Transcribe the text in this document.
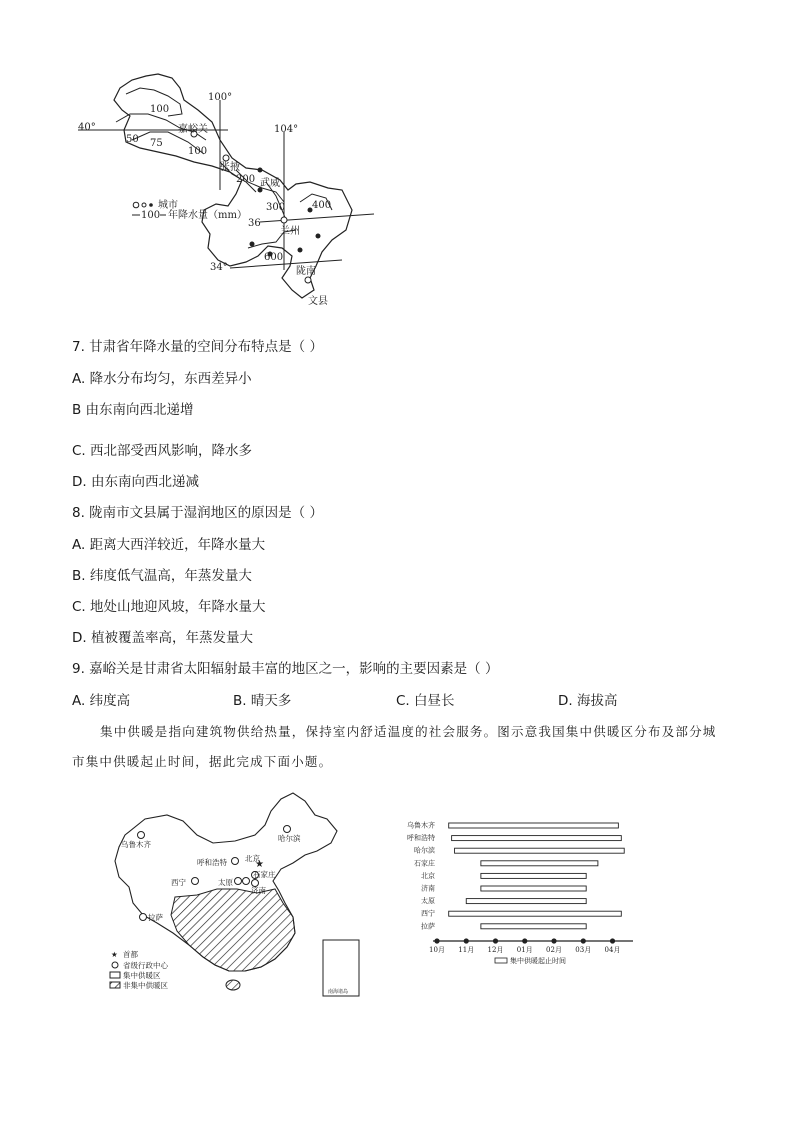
100°
104°
40°
36
34°
100
50 75
100
200
300	400
600
嘉峪关
张掖
武威
兰州
陇南
文县
城市
100 年降水量（mm）
7. 甘肃省年降水量的空间分布特点是（ ）
A. 降水分布均匀，东西差异小
B 由东南向西北递增
C. 西北部受西风影响，降水多
D. 由东南向西北递减
8. 陇南市文县属于湿润地区的原因是（ ）
A. 距离大西洋较近，年降水量大
B. 纬度低气温高，年蒸发量大
C. 地处山地迎风坡，年降水量大
D. 植被覆盖率高，年蒸发量大
9. 嘉峪关是甘肃省太阳辐射最丰富的地区之一，影响的主要因素是（ ）
A. 纬度高	B. 晴天多	C. 白昼长	D. 海拔高
集中供暖是指向建筑物供给热量，保持室内舒适温度的社会服务。图示意我国集中供暖区分布及部分城市集中供暖起止时间，据此完成下面小题。
南海诸岛
★
乌鲁木齐
哈尔滨
呼和浩特 北京
石家庄
太原
济南
西宁
拉萨
★ 首都
省级行政中心
集中供暖区
非集中供暖区
乌鲁木齐
呼和浩特
哈尔滨
石家庄
北京
济南
太原
西宁
拉萨
10月 11月 12月 01月 02月 03月 04月
集中供暖起止时间
